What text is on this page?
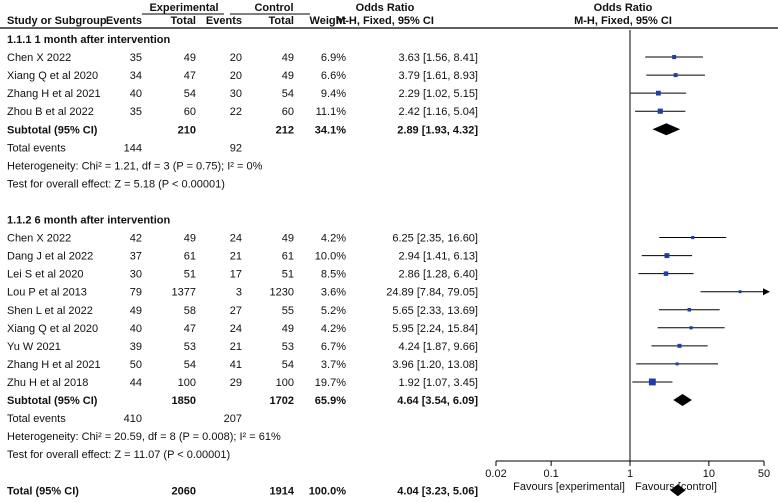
Experimental	Control	Odds Ratio	Odds Ratio
Study or Subgroup Events	Total Events Total Weight
M-H, Fixed, 95% CI	M-H, Fixed, 95% CI
1.1.1 1 month after intervention
Chen X 2022	35	49	20	49 6.9%	3.63 [1.56, 8.41]
Xiang Q et al 2020	34	47	20	49 6.6%	3.79 [1.61, 8.93]
Zhang H et al 2021	40	54	30	54 9.4%	2.29 [1.02, 5.15]
Zhou B et al 2022	35	60	22	60 11.1%	2.42 [1.16, 5.04]
Subtotal (95% CI)	210	212 34.1%	2.89 [1.93, 4.32]
Total events	144	92
Heterogeneity: Chi² = 1.21, df = 3 (P = 0.75); I² = 0%
Test for overall effect: Z = 5.18 (P < 0.00001)
1.1.2 6 month after intervention
Chen X 2022	42	49	24	49 4.2%	6.25 [2.35, 16.60]
Dang J et al 2022	37	61	21	61 10.0%	2.94 [1.41, 6.13]
Lei S et al 2020	30	51	17	51 8.5%	2.86 [1.28, 6.40]
Lou P et al 2013	79	1377	3	1230 3.6%	24.89 [7.84, 79.05]
Shen L et al 2022	49	58	27	55 5.2%	5.65 [2.33, 13.69]
Xiang Q et al 2020	40	47	24	49 4.2%	5.95 [2.24, 15.84]
Yu W 2021	39	53	21	53 6.7%	4.24 [1.87, 9.66]
Zhang H et al 2021	50	54	41	54 3.7%	3.96 [1.20, 13.08]
Zhu H et al 2018	44	100	29	100 19.7%	1.92 [1.07, 3.45]
Subtotal (95% CI)	1850	1702 65.9%	4.64 [3.54, 6.09]
Total events	410	207
Heterogeneity: Chi² = 20.59, df = 8 (P = 0.008); I² = 61%
Test for overall effect: Z = 11.07 (P < 0.00001)
Total (95% CI)	2060	1914 100.0%	4.04 [3.23, 5.06]
0.02	0.1	1	10	50
Favours [experimental] Favours [control]
